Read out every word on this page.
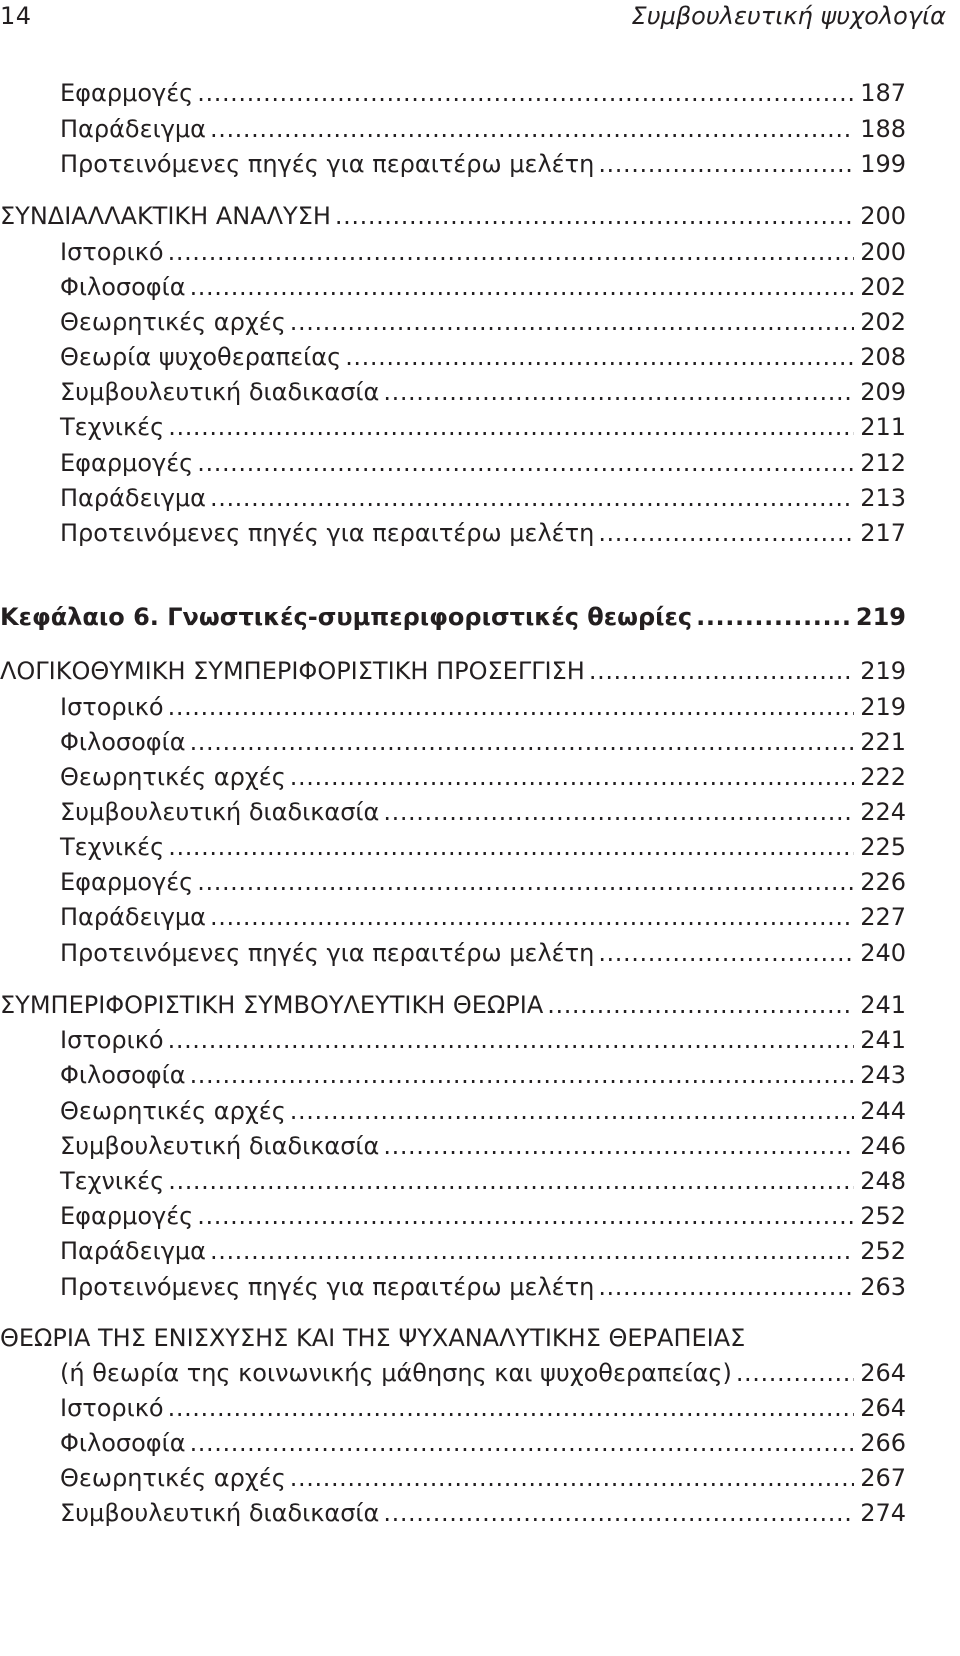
14	Συμβουλευτική ψυχολογία
Εφαρμογές .....	187
Παράδειγμα .....	188
Προτεινόμενες πηγές για περαιτέρω μελέτη .....	199
ΣΥΝΔΙΑΛΛΑΚΤΙΚΗ ΑΝΑΛΥΣΗ .....	200
Ιστορικό .....	200
Φιλοσοφία .....	202
Θεωρητικές αρχές .....	202
Θεωρία ψυχοθεραπείας .....	208
Συμβουλευτική διαδικασία .....	209
Τεχνικές .....	211
Εφαρμογές .....	212
Παράδειγμα .....	213
Προτεινόμενες πηγές για περαιτέρω μελέτη .....	217
Κεφάλαιο 6. Γνωστικές-συμπεριφοριστικές θεωρίες .....	219
ΛΟΓΙΚΟΘΥΜΙΚΗ ΣΥΜΠΕΡΙΦΟΡΙΣΤΙΚΗ ΠΡΟΣΕΓΓΙΣΗ .....	219
Ιστορικό .....	219
Φιλοσοφία .....	221
Θεωρητικές αρχές .....	222
Συμβουλευτική διαδικασία .....	224
Τεχνικές .....	225
Εφαρμογές .....	226
Παράδειγμα .....	227
Προτεινόμενες πηγές για περαιτέρω μελέτη .....	240
ΣΥΜΠΕΡΙΦΟΡΙΣΤΙΚΗ ΣΥΜΒΟΥΛΕΥΤΙΚΗ ΘΕΩΡΙΑ .....	241
Ιστορικό .....	241
Φιλοσοφία .....	243
Θεωρητικές αρχές .....	244
Συμβουλευτική διαδικασία .....	246
Τεχνικές .....	248
Εφαρμογές .....	252
Παράδειγμα .....	252
Προτεινόμενες πηγές για περαιτέρω μελέτη .....	263
ΘΕΩΡΙΑ ΤΗΣ ΕΝΙΣΧΥΣΗΣ ΚΑΙ ΤΗΣ ΨΥΧΑΝΑΛΥΤΙΚΗΣ ΘΕΡΑΠΕΙΑΣ
(ή θεωρία της κοινωνικής μάθησης και ψυχοθεραπείας) .....	264
Ιστορικό .....	264
Φιλοσοφία .....	266
Θεωρητικές αρχές .....	267
Συμβουλευτική διαδικασία .....	274
